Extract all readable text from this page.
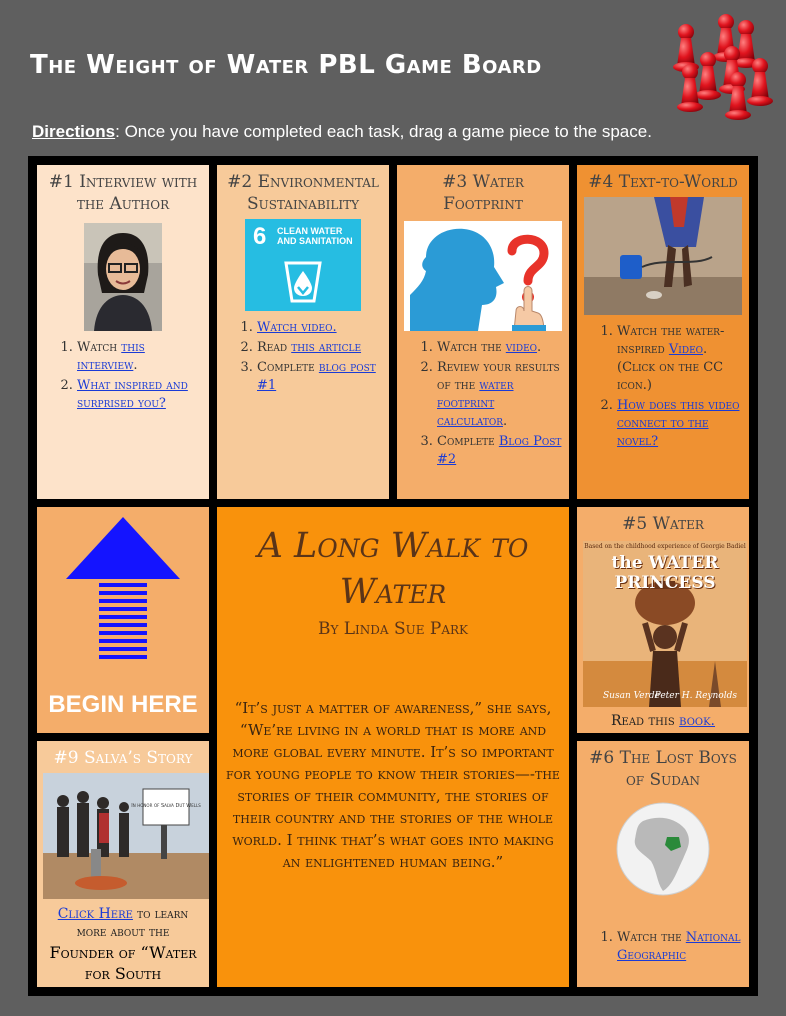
The Weight of Water PBL Game Board
Directions: Once you have completed each task, drag a game piece to the space.
#1 Interview with the Author
1. Watch this interview.
2. What inspired and surprised you?
#2 Environmental Sustainability
6 CLEAN WATER AND SANITATION
1. Watch video.
2. Read this article
3. Complete blog post #1
#3 Water Footprint
1. Watch the video.
2. Review your results of the water footprint calculator.
3. Complete Blog Post #2
#4 Text-to-World
1. Watch the water-inspired Video. (Click on the CC icon.)
2. How does this video connect to the novel?
BEGIN HERE
A Long Walk to Water
By Linda Sue Park
“It’s just a matter of awareness,” she says, “We’re living in a world that is more and more global every minute. It’s so important for young people to know their stories—-the stories of their community, the stories of their country and the stories of the whole world. I think that’s what goes into making an enlightened human being.”
#5 Water
Based on the childhood experience of Georgie Badiel
the WATER PRINCESS
Susan Verde
Peter H. Reynolds
Read this book.
#9 Salva’s Story
In honor of Salva Dut Wells
Click Here to learn more about the
Founder of “Water for South
#6 The Lost Boys of Sudan
1. Watch the National Geographic
